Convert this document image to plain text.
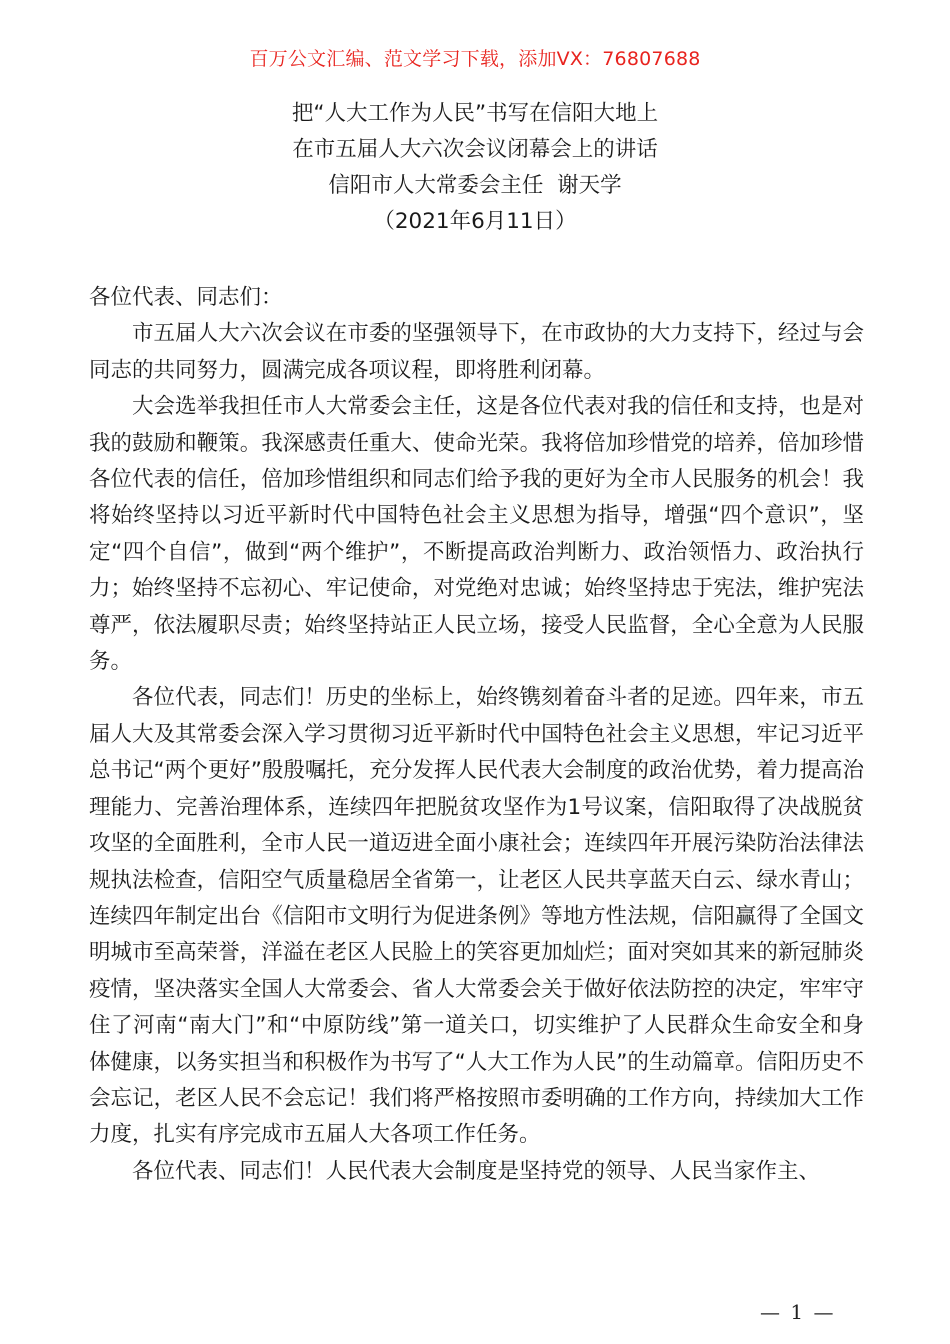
百万公文汇编、范文学习下载，添加VX：76807688
把“人大工作为人民”书写在信阳大地上
在市五届人大六次会议闭幕会上的讲话
信阳市人大常委会主任  谢天学
（2021年6月11日）

各位代表、同志们：

市五届人大六次会议在市委的坚强领导下，在市政协的大力支持下，经过与会同志的共同努力，圆满完成各项议程，即将胜利闭幕。

大会选举我担任市人大常委会主任，这是各位代表对我的信任和支持，也是对我的鼓励和鞭策。我深感责任重大、使命光荣。我将倍加珍惜党的培养，倍加珍惜各位代表的信任，倍加珍惜组织和同志们给予我的更好为全市人民服务的机会！我将始终坚持以习近平新时代中国特色社会主义思想为指导，增强“四个意识”，坚定“四个自信”，做到“两个维护”，不断提高政治判断力、政治领悟力、政治执行力；始终坚持不忘初心、牢记使命，对党绝对忠诚；始终坚持忠于宪法，维护宪法尊严，依法履职尽责；始终坚持站正人民立场，接受人民监督，全心全意为人民服务。

各位代表，同志们！历史的坐标上，始终镌刻着奋斗者的足迹。四年来，市五届人大及其常委会深入学习贯彻习近平新时代中国特色社会主义思想，牢记习近平总书记“两个更好”殷殷嘱托，充分发挥人民代表大会制度的政治优势，着力提高治理能力、完善治理体系，连续四年把脱贫攻坚作为1号议案，信阳取得了决战脱贫攻坚的全面胜利，全市人民一道迈进全面小康社会；连续四年开展污染防治法律法规执法检查，信阳空气质量稳居全省第一，让老区人民共享蓝天白云、绿水青山；连续四年制定出台《信阳市文明行为促进条例》等地方性法规，信阳赢得了全国文明城市至高荣誉，洋溢在老区人民脸上的笑容更加灿烂；面对突如其来的新冠肺炎疫情，坚决落实全国人大常委会、省人大常委会关于做好依法防控的决定，牢牢守住了河南“南大门”和“中原防线”第一道关口，切实维护了人民群众生命安全和身体健康，以务实担当和积极作为书写了“人大工作为人民”的生动篇章。信阳历史不会忘记，老区人民不会忘记！我们将严格按照市委明确的工作方向，持续加大工作力度，扎实有序完成市五届人大各项工作任务。

各位代表、同志们！人民代表大会制度是坚持党的领导、人民当家作主、

— 1 —
